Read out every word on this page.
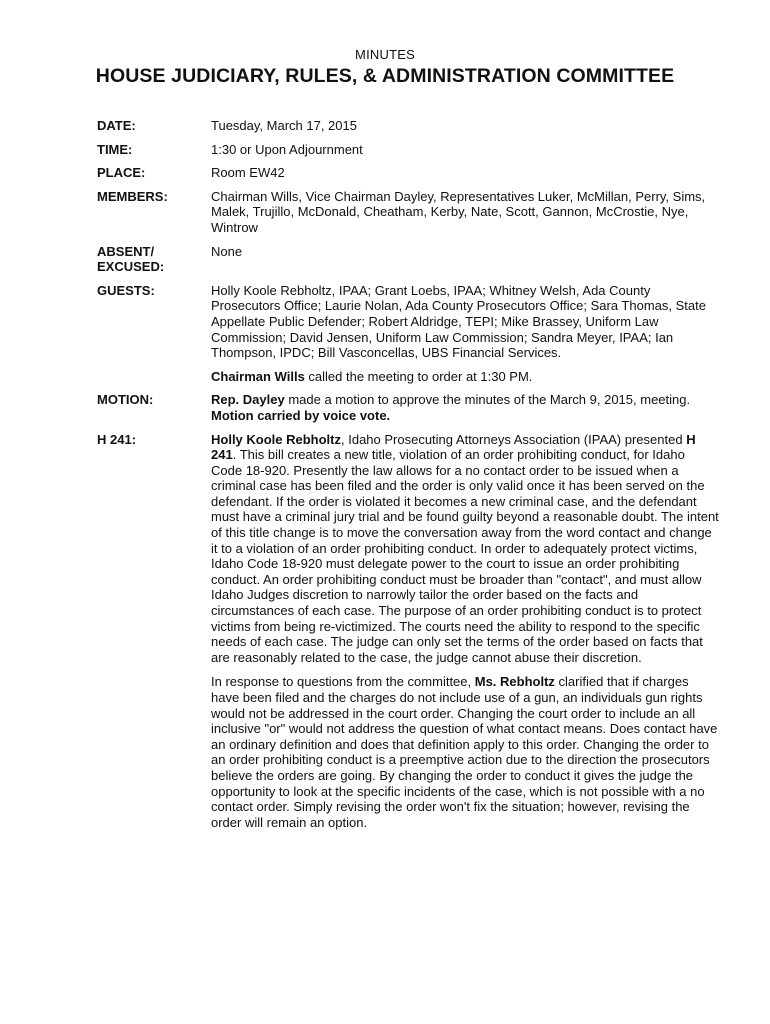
MINUTES
HOUSE JUDICIARY, RULES, & ADMINISTRATION COMMITTEE
DATE:	Tuesday, March 17, 2015
TIME:	1:30 or Upon Adjournment
PLACE:	Room EW42
MEMBERS:	Chairman Wills, Vice Chairman Dayley, Representatives Luker, McMillan, Perry, Sims, Malek, Trujillo, McDonald, Cheatham, Kerby, Nate, Scott, Gannon, McCrostie, Nye, Wintrow
ABSENT/ EXCUSED:
None
GUESTS:	Holly Koole Rebholtz, IPAA; Grant Loebs, IPAA; Whitney Welsh, Ada County Prosecutors Office; Laurie Nolan, Ada County Prosecutors Office; Sara Thomas, State Appellate Public Defender; Robert Aldridge, TEPI; Mike Brassey, Uniform Law Commission; David Jensen, Uniform Law Commission; Sandra Meyer, IPAA; Ian Thompson, IPDC; Bill Vasconcellas, UBS Financial Services.
Chairman Wills called the meeting to order at 1:30 PM.
MOTION:	Rep. Dayley made a motion to approve the minutes of the March 9, 2015, meeting.
Motion carried by voice vote.
H 241:	Holly Koole Rebholtz, Idaho Prosecuting Attorneys Association (IPAA) presented H 241. This bill creates a new title, violation of an order prohibiting conduct, for Idaho Code 18-920. Presently the law allows for a no contact order to be issued when a criminal case has been filed and the order is only valid once it has been served on the defendant. If the order is violated it becomes a new criminal case, and the defendant must have a criminal jury trial and be found guilty beyond a reasonable doubt. The intent of this title change is to move the conversation away from the word contact and change it to a violation of an order prohibiting conduct. In order to adequately protect victims, Idaho Code 18-920 must delegate power to the court to issue an order prohibiting conduct. An order prohibiting conduct must be broader than "contact", and must allow Idaho Judges discretion to narrowly tailor the order based on the facts and circumstances of each case. The purpose of an order prohibiting conduct is to protect victims from being re-victimized. The courts need the ability to respond to the specific needs of each case. The judge can only set the terms of the order based on facts that are reasonably related to the case, the judge cannot abuse their discretion.

In response to questions from the committee, Ms. Rebholtz clarified that if charges have been filed and the charges do not include use of a gun, an individuals gun rights would not be addressed in the court order. Changing the court order to include an all inclusive "or" would not address the question of what contact means. Does contact have an ordinary definition and does that definition apply to this order. Changing the order to an order prohibiting conduct is a preemptive action due to the direction the prosecutors believe the orders are going. By changing the order to conduct it gives the judge the opportunity to look at the specific incidents of the case, which is not possible with a no contact order. Simply revising the order won't fix the situation; however, revising the order will remain an option.
